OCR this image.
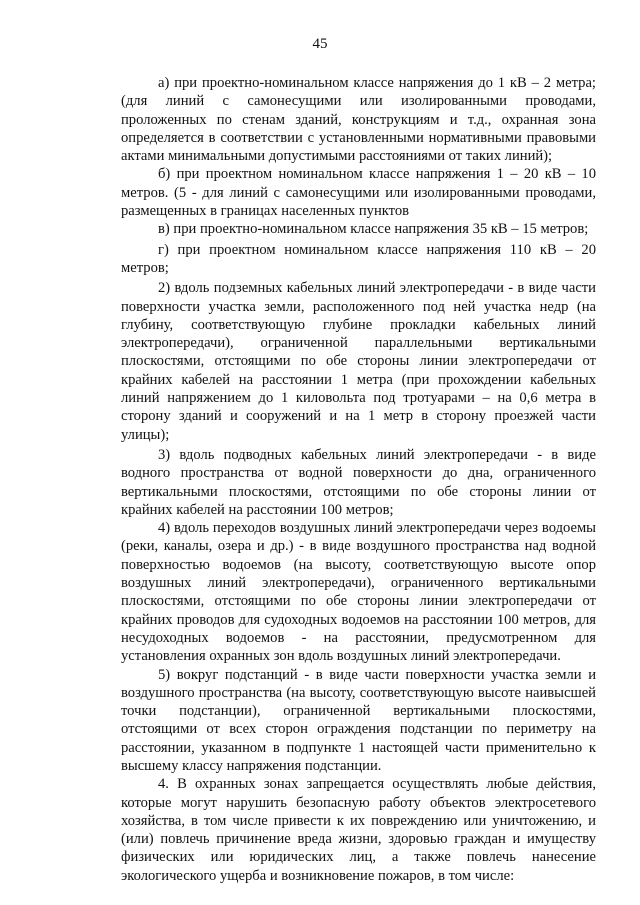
45

а) при проектно-номинальном классе напряжения до 1 кВ – 2 метра; (для линий с самонесущими или изолированными проводами, проложенных по стенам зданий, конструкциям и т.д., охранная зона определяется в соответствии с установленными нормативными правовыми актами минимальными допустимыми расстояниями от таких линий);

б) при проектном номинальном классе напряжения 1 – 20 кВ – 10 метров. (5 - для линий с самонесущими или изолированными проводами, размещенных в границах населенных пунктов

в) при проектно-номинальном классе напряжения 35 кВ – 15 метров;

г) при проектном номинальном классе напряжения 110 кВ – 20 метров;

2) вдоль подземных кабельных линий электропередачи - в виде части поверхности участка земли, расположенного под ней участка недр (на глубину, соответствующую глубине прокладки кабельных линий электропередачи), ограниченной параллельными вертикальными плоскостями, отстоящими по обе стороны линии электропередачи от крайних кабелей на расстоянии 1 метра (при прохождении кабельных линий напряжением до 1 киловольта под тротуарами – на 0,6 метра в сторону зданий и сооружений и на 1 метр в сторону проезжей части улицы);

3) вдоль подводных кабельных линий электропередачи - в виде водного пространства от водной поверхности до дна, ограниченного вертикальными плоскостями, отстоящими по обе стороны линии от крайних кабелей на расстоянии 100 метров;

4) вдоль переходов воздушных линий электропередачи через водоемы (реки, каналы, озера и др.) - в виде воздушного пространства над водной поверхностью водоемов (на высоту, соответствующую высоте опор воздушных линий электропередачи), ограниченного вертикальными плоскостями, отстоящими по обе стороны линии электропередачи от крайних проводов для судоходных водоемов на расстоянии 100 метров, для несудоходных водоемов - на расстоянии, предусмотренном для установления охранных зон вдоль воздушных линий электропередачи.

5) вокруг подстанций - в виде части поверхности участка земли и воздушного пространства (на высоту, соответствующую высоте наивысшей точки подстанции), ограниченной вертикальными плоскостями, отстоящими от всех сторон ограждения подстанции по периметру на расстоянии, указанном в подпункте 1 настоящей части применительно к высшему классу напряжения подстанции.

4. В охранных зонах запрещается осуществлять любые действия, которые могут нарушить безопасную работу объектов электросетевого хозяйства, в том числе привести к их повреждению или уничтожению, и (или) повлечь причинение вреда жизни, здоровью граждан и имуществу физических или юридических лиц, а также повлечь нанесение экологического ущерба и возникновение пожаров, в том числе:
